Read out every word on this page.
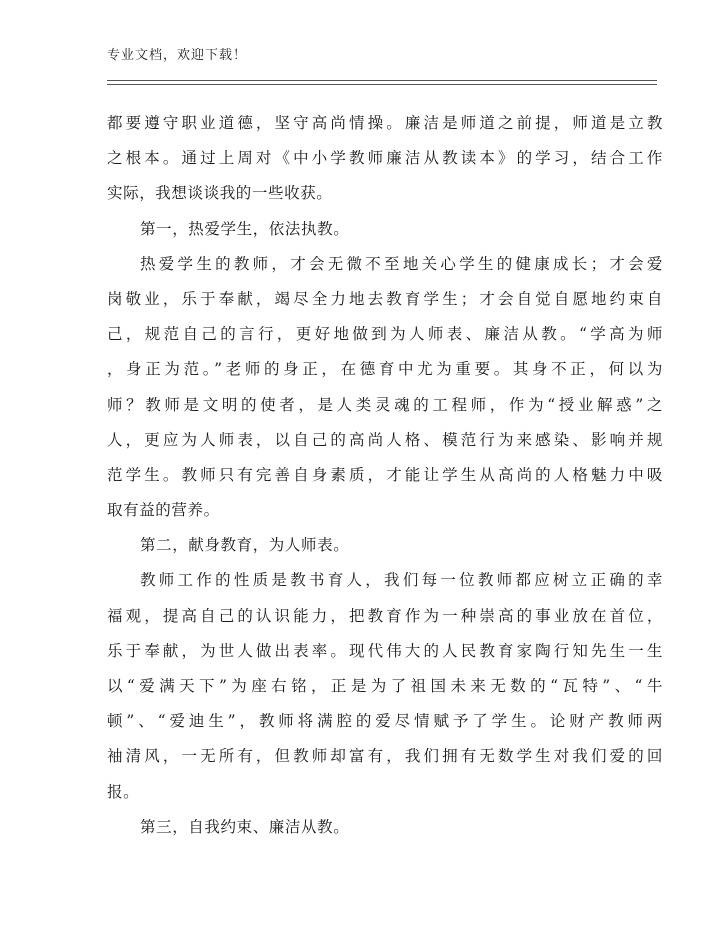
专业文档，欢迎下载！
都要遵守职业道德，坚守高尚情操。廉洁是师道之前提，师道是立教
之根本。通过上周对《中小学教师廉洁从教读本》的学习，结合工作
实际，我想谈谈我的一些收获。
第一，热爱学生，依法执教。
热爱学生的教师，才会无微不至地关心学生的健康成长；才会爱
岗敬业，乐于奉献，竭尽全力地去教育学生；才会自觉自愿地约束自
己，规范自己的言行，更好地做到为人师表、廉洁从教。“学高为师
，身正为范。”老师的身正，在德育中尤为重要。其身不正，何以为
师？教师是文明的使者，是人类灵魂的工程师，作为“授业解惑”之
人，更应为人师表，以自己的高尚人格、模范行为来感染、影响并规
范学生。教师只有完善自身素质，才能让学生从高尚的人格魅力中吸
取有益的营养。
第二，献身教育，为人师表。
教师工作的性质是教书育人，我们每一位教师都应树立正确的幸
福观，提高自己的认识能力，把教育作为一种崇高的事业放在首位，
乐于奉献，为世人做出表率。现代伟大的人民教育家陶行知先生一生
以“爱满天下”为座右铭，正是为了祖国未来无数的“瓦特”、“牛
顿”、“爱迪生”，教师将满腔的爱尽情赋予了学生。论财产教师两
袖清风，一无所有，但教师却富有，我们拥有无数学生对我们爱的回
报。
第三，自我约束、廉洁从教。
